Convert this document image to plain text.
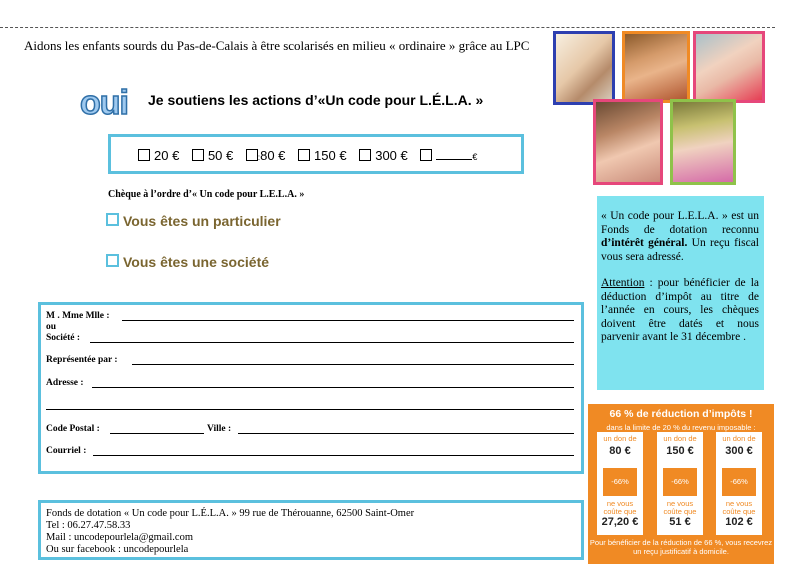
Aidons les enfants sourds du Pas-de-Calais à être scolarisés en milieu « ordinaire » grâce au LPC
oui Je soutiens les actions d’«Un code pour L.É.L.A. »
20 € 50 €	:80 € 150 € 300 €	€
Chèque à l’ordre d’« Un code pour L.E.L.A. »
Vous êtes un particulier
Vous êtes une société
M . Mme Mlle :
ou
Société :
Représentée par :
Adresse :
Code Postal :	Ville :
Courriel :
Fonds de dotation « Un code pour L.É.L.A. » 99 rue de Thérouanne, 62500 Saint-Omer
Tel : 06.27.47.58.33
Mail : uncodepourlela@gmail.com
Ou sur facebook : uncodepourlela
« Un code pour L.E.L.A. » est un Fonds de dotation reconnu d’intérêt général. Un reçu fiscal vous sera adressé.
Attention : pour bénéficier de la déduction d’impôt au titre de l’année en cours, les chèques doivent être datés et nous parvenir avant le 31 décembre .
66 % de réduction d’impôts !
dans la limite de 20 % du revenu imposable :
un don de
80 €
-66%
ne vous coûte que
27,20 €
un don de
150 €
-66%
ne vous coûte que
51 €
un don de
300 €
-66%
ne vous coûte que
102 €
Pour bénéficier de la réduction de 66 %, vous recevrez un reçu justificatif à domicile.
